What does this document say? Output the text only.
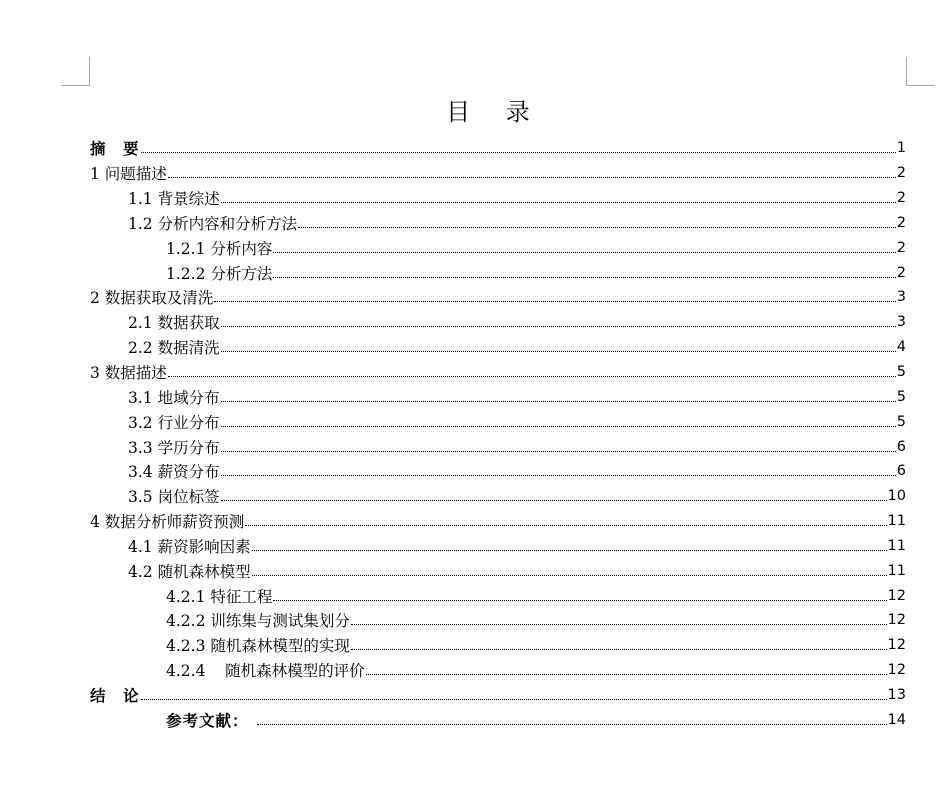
目 录
摘　要	1
1 问题描述	2
1.1 背景综述	2
1.2 分析内容和分析方法	2
1.2.1 分析内容	2
1.2.2 分析方法	2
2 数据获取及清洗	3
2.1 数据获取	3
2.2 数据清洗	4
3 数据描述	5
3.1 地域分布	5
3.2 行业分布	5
3.3 学历分布	6
3.4 薪资分布	6
3.5 岗位标签	10
4 数据分析师薪资预测	11
4.1 薪资影响因素	11
4.2 随机森林模型	11
4.2.1 特征工程	12
4.2.2 训练集与测试集划分	12
4.2.3 随机森林模型的实现	12
4.2.4    随机森林模型的评价	12
结　论	13
参考文献：	14
